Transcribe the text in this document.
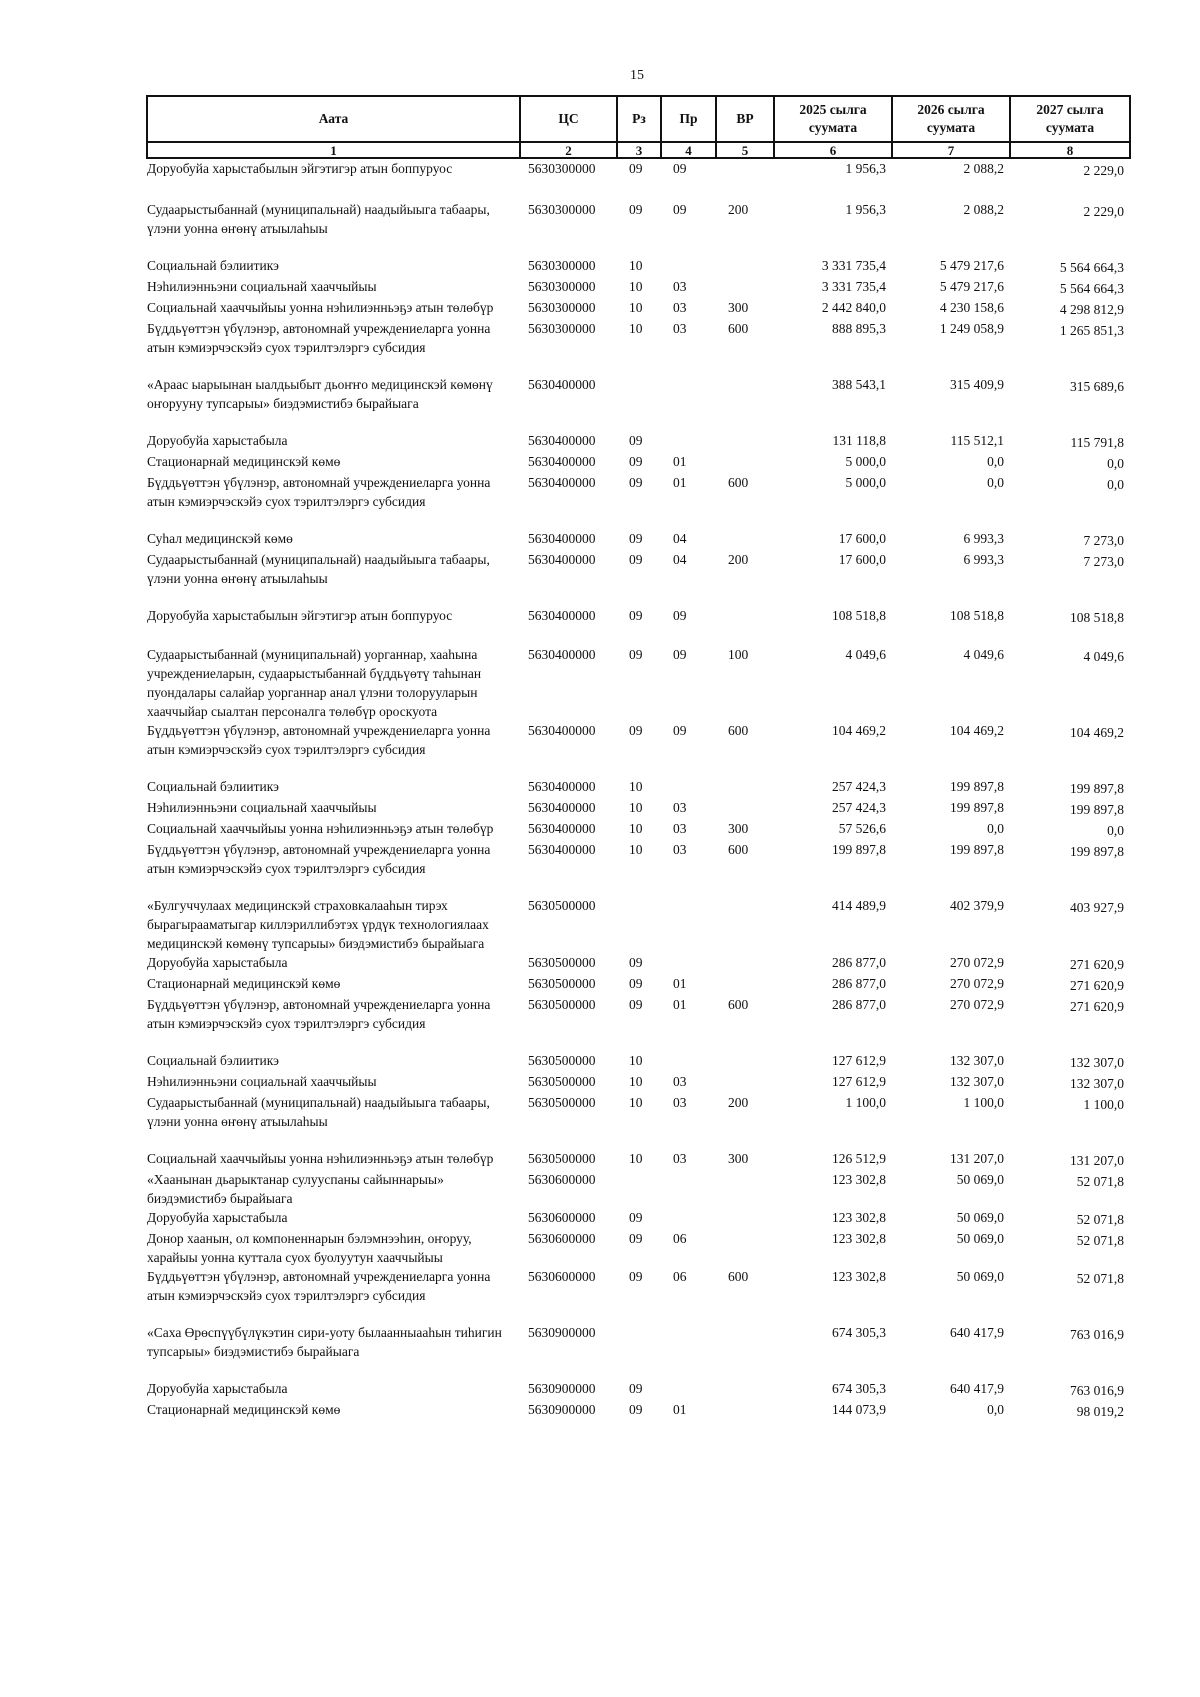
15
Аата	ЦС	Рз	Пр	ВР	2025 сылга суумата	2026 сылга суумата	2027 сылга суумата
1	2	3	4	5	6	7	8
Доруобуйа харыстабылын эйгэтигэр атын боппуруос	5630300000	09	09		1 956,3	2 088,2	2 229,0
Судаарыстыбаннай (муниципальнай) наадыйыыга табаары, үлэни уонна өҥөнү атыылаһыы	5630300000	09	09	200	1 956,3	2 088,2	2 229,0
Социальнай бэлиитикэ	5630300000	10			3 331 735,4	5 479 217,6	5 564 664,3
Нэһилиэнньэни социальнай хааччыйыы	5630300000	10	03		3 331 735,4	5 479 217,6	5 564 664,3
Социальнай хааччыйыы уонна нэһилиэнньэҕэ атын төлөбүр	5630300000	10	03	300	2 442 840,0	4 230 158,6	4 298 812,9
Бүддьүөттэн үбүлэнэр, автономнай учреждениеларга уонна атын кэмиэрчэскэйэ суох тэрилтэлэргэ субсидия	5630300000	10	03	600	888 895,3	1 249 058,9	1 265 851,3
«Араас ыарыынан ыалдьыбыт дьоҥҥо медицинскэй көмөнү оҥорууну тупсарыы» биэдэмистибэ бырайыага	5630400000				388 543,1	315 409,9	315 689,6
Доруобуйа харыстабыла	5630400000	09			131 118,8	115 512,1	115 791,8
Стационарнай медицинскэй көмө	5630400000	09	01		5 000,0	0,0	0,0
Бүддьүөттэн үбүлэнэр, автономнай учреждениеларга уонна атын кэмиэрчэскэйэ суох тэрилтэлэргэ субсидия	5630400000	09	01	600	5 000,0	0,0	0,0
Суһал медицинскэй көмө	5630400000	09	04		17 600,0	6 993,3	7 273,0
Судаарыстыбаннай (муниципальнай) наадыйыыга табаары, үлэни уонна өҥөнү атыылаһыы	5630400000	09	04	200	17 600,0	6 993,3	7 273,0
Доруобуйа харыстабылын эйгэтигэр атын боппуруос	5630400000	09	09		108 518,8	108 518,8	108 518,8
Судаарыстыбаннай (муниципальнай) уорганнар, хааһына учреждениеларын, судаарыстыбаннай бүддьүөтү таһынан пуондалары салайар уорганнар анал үлэни толорууларын хааччыйар сыалтан персоналга төлөбүр ороскуота	5630400000	09	09	100	4 049,6	4 049,6	4 049,6
Бүддьүөттэн үбүлэнэр, автономнай учреждениеларга уонна атын кэмиэрчэскэйэ суох тэрилтэлэргэ субсидия	5630400000	09	09	600	104 469,2	104 469,2	104 469,2
Социальнай бэлиитикэ	5630400000	10			257 424,3	199 897,8	199 897,8
Нэһилиэнньэни социальнай хааччыйыы	5630400000	10	03		257 424,3	199 897,8	199 897,8
Социальнай хааччыйыы уонна нэһилиэнньэҕэ атын төлөбүр	5630400000	10	03	300	57 526,6	0,0	0,0
Бүддьүөттэн үбүлэнэр, автономнай учреждениеларга уонна атын кэмиэрчэскэйэ суох тэрилтэлэргэ субсидия	5630400000	10	03	600	199 897,8	199 897,8	199 897,8
«Булгуччулаах медицинскэй страховкалааһын тирэх бырагырааматыгар киллэриллибэтэх үрдүк технологиялаах медицинскэй көмөнү тупсарыы» биэдэмистибэ бырайыага	5630500000				414 489,9	402 379,9	403 927,9
Доруобуйа харыстабыла	5630500000	09			286 877,0	270 072,9	271 620,9
Стационарнай медицинскэй көмө	5630500000	09	01		286 877,0	270 072,9	271 620,9
Бүддьүөттэн үбүлэнэр, автономнай учреждениеларга уонна атын кэмиэрчэскэйэ суох тэрилтэлэргэ субсидия	5630500000	09	01	600	286 877,0	270 072,9	271 620,9
Социальнай бэлиитикэ	5630500000	10			127 612,9	132 307,0	132 307,0
Нэһилиэнньэни социальнай хааччыйыы	5630500000	10	03		127 612,9	132 307,0	132 307,0
Судаарыстыбаннай (муниципальнай) наадыйыыга табаары, үлэни уонна өҥөнү атыылаһыы	5630500000	10	03	200	1 100,0	1 100,0	1 100,0
Социальнай хааччыйыы уонна нэһилиэнньэҕэ атын төлөбүр	5630500000	10	03	300	126 512,9	131 207,0	131 207,0
«Хаанынан дьарыктанар сулууспаны сайыннарыы» биэдэмистибэ бырайыага	5630600000				123 302,8	50 069,0	52 071,8
Доруобуйа харыстабыла	5630600000	09			123 302,8	50 069,0	52 071,8
Донор хаанын, ол компоненнарын бэлэмнээһин, оҥоруу, харайыы уонна куттала суох буолуутун хааччыйыы	5630600000	09	06		123 302,8	50 069,0	52 071,8
Бүддьүөттэн үбүлэнэр, автономнай учреждениеларга уонна атын кэмиэрчэскэйэ суох тэрилтэлэргэ субсидия	5630600000	09	06	600	123 302,8	50 069,0	52 071,8
«Саха Өрөспүүбүлүкэтин сири-уоту былаанныааһын тиһигин тупсарыы» биэдэмистибэ бырайыага	5630900000				674 305,3	640 417,9	763 016,9
Доруобуйа харыстабыла	5630900000	09			674 305,3	640 417,9	763 016,9
Стационарнай медицинскэй көмө	5630900000	09	01		144 073,9	0,0	98 019,2
